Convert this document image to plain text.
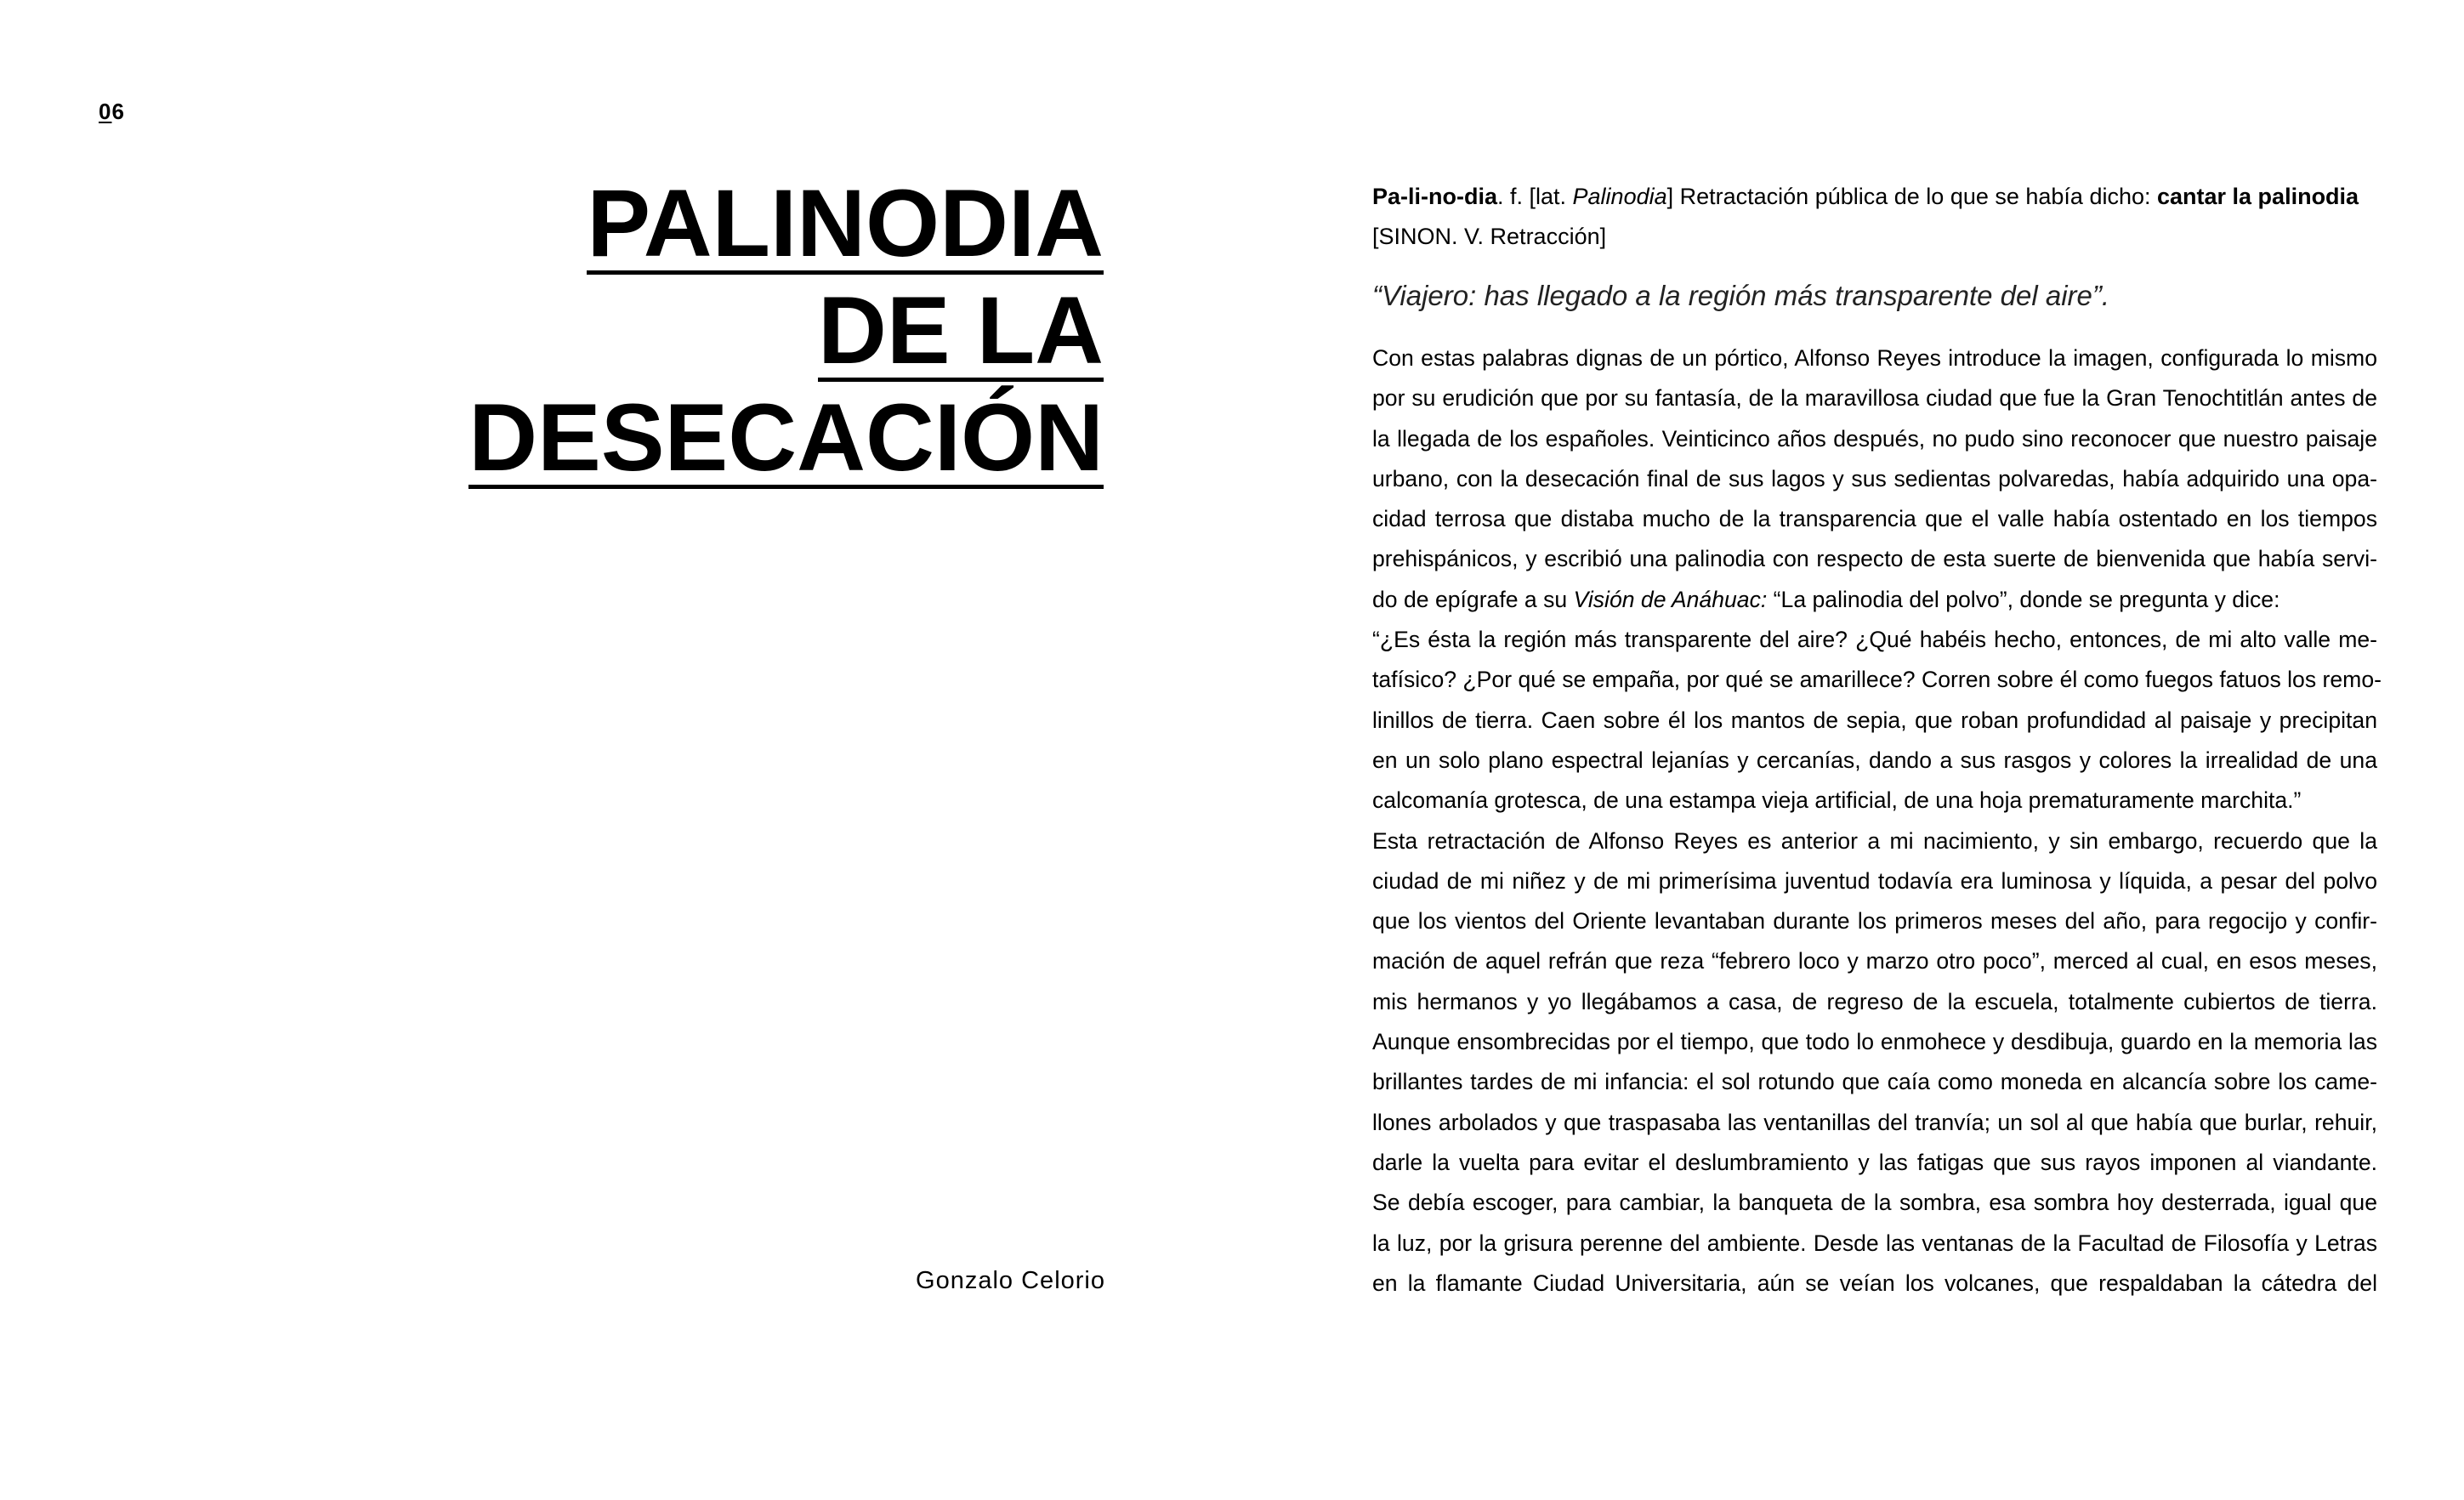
06
PALINODIA
DE LA
DESECACIÓN
Gonzalo Celorio

Pa-li-no-dia. f. [lat. Palinodia] Retractación pública de lo que se había dicho: cantar la palinodia
[SINON. V. Retracción]

“Viajero: has llegado a la región más transparente del aire”.

Con estas palabras dignas de un pórtico, Alfonso Reyes introduce la imagen, configurada lo mismo
por su erudición que por su fantasía, de la maravillosa ciudad que fue la Gran Tenochtitlán antes de
la llegada de los españoles. Veinticinco años después, no pudo sino reconocer que nuestro paisaje
urbano, con la desecación final de sus lagos y sus sedientas polvaredas, había adquirido una opa-
cidad terrosa que distaba mucho de la transparencia que el valle había ostentado en los tiempos
prehispánicos, y escribió una palinodia con respecto de esta suerte de bienvenida que había servi-
do de epígrafe a su Visión de Anáhuac: “La palinodia del polvo”, donde se pregunta y dice:
“¿Es ésta la región más transparente del aire? ¿Qué habéis hecho, entonces, de mi alto valle me-
tafísico? ¿Por qué se empaña, por qué se amarillece? Corren sobre él como fuegos fatuos los remo-
linillos de tierra. Caen sobre él los mantos de sepia, que roban profundidad al paisaje y precipitan
en un solo plano espectral lejanías y cercanías, dando a sus rasgos y colores la irrealidad de una
calcomanía grotesca, de una estampa vieja artificial, de una hoja prematuramente marchita.”
Esta retractación de Alfonso Reyes es anterior a mi nacimiento, y sin embargo, recuerdo que la
ciudad de mi niñez y de mi primerísima juventud todavía era luminosa y líquida, a pesar del polvo
que los vientos del Oriente levantaban durante los primeros meses del año, para regocijo y confir-
mación de aquel refrán que reza “febrero loco y marzo otro poco”, merced al cual, en esos meses,
mis hermanos y yo llegábamos a casa, de regreso de la escuela, totalmente cubiertos de tierra.
Aunque ensombrecidas por el tiempo, que todo lo enmohece y desdibuja, guardo en la memoria las
brillantes tardes de mi infancia: el sol rotundo que caía como moneda en alcancía sobre los came-
llones arbolados y que traspasaba las ventanillas del tranvía; un sol al que había que burlar, rehuir,
darle la vuelta para evitar el deslumbramiento y las fatigas que sus rayos imponen al viandante.
Se debía escoger, para cambiar, la banqueta de la sombra, esa sombra hoy desterrada, igual que
la luz, por la grisura perenne del ambiente. Desde las ventanas de la Facultad de Filosofía y Letras
en la flamante Ciudad Universitaria, aún se veían los volcanes, que respaldaban la cátedra del
